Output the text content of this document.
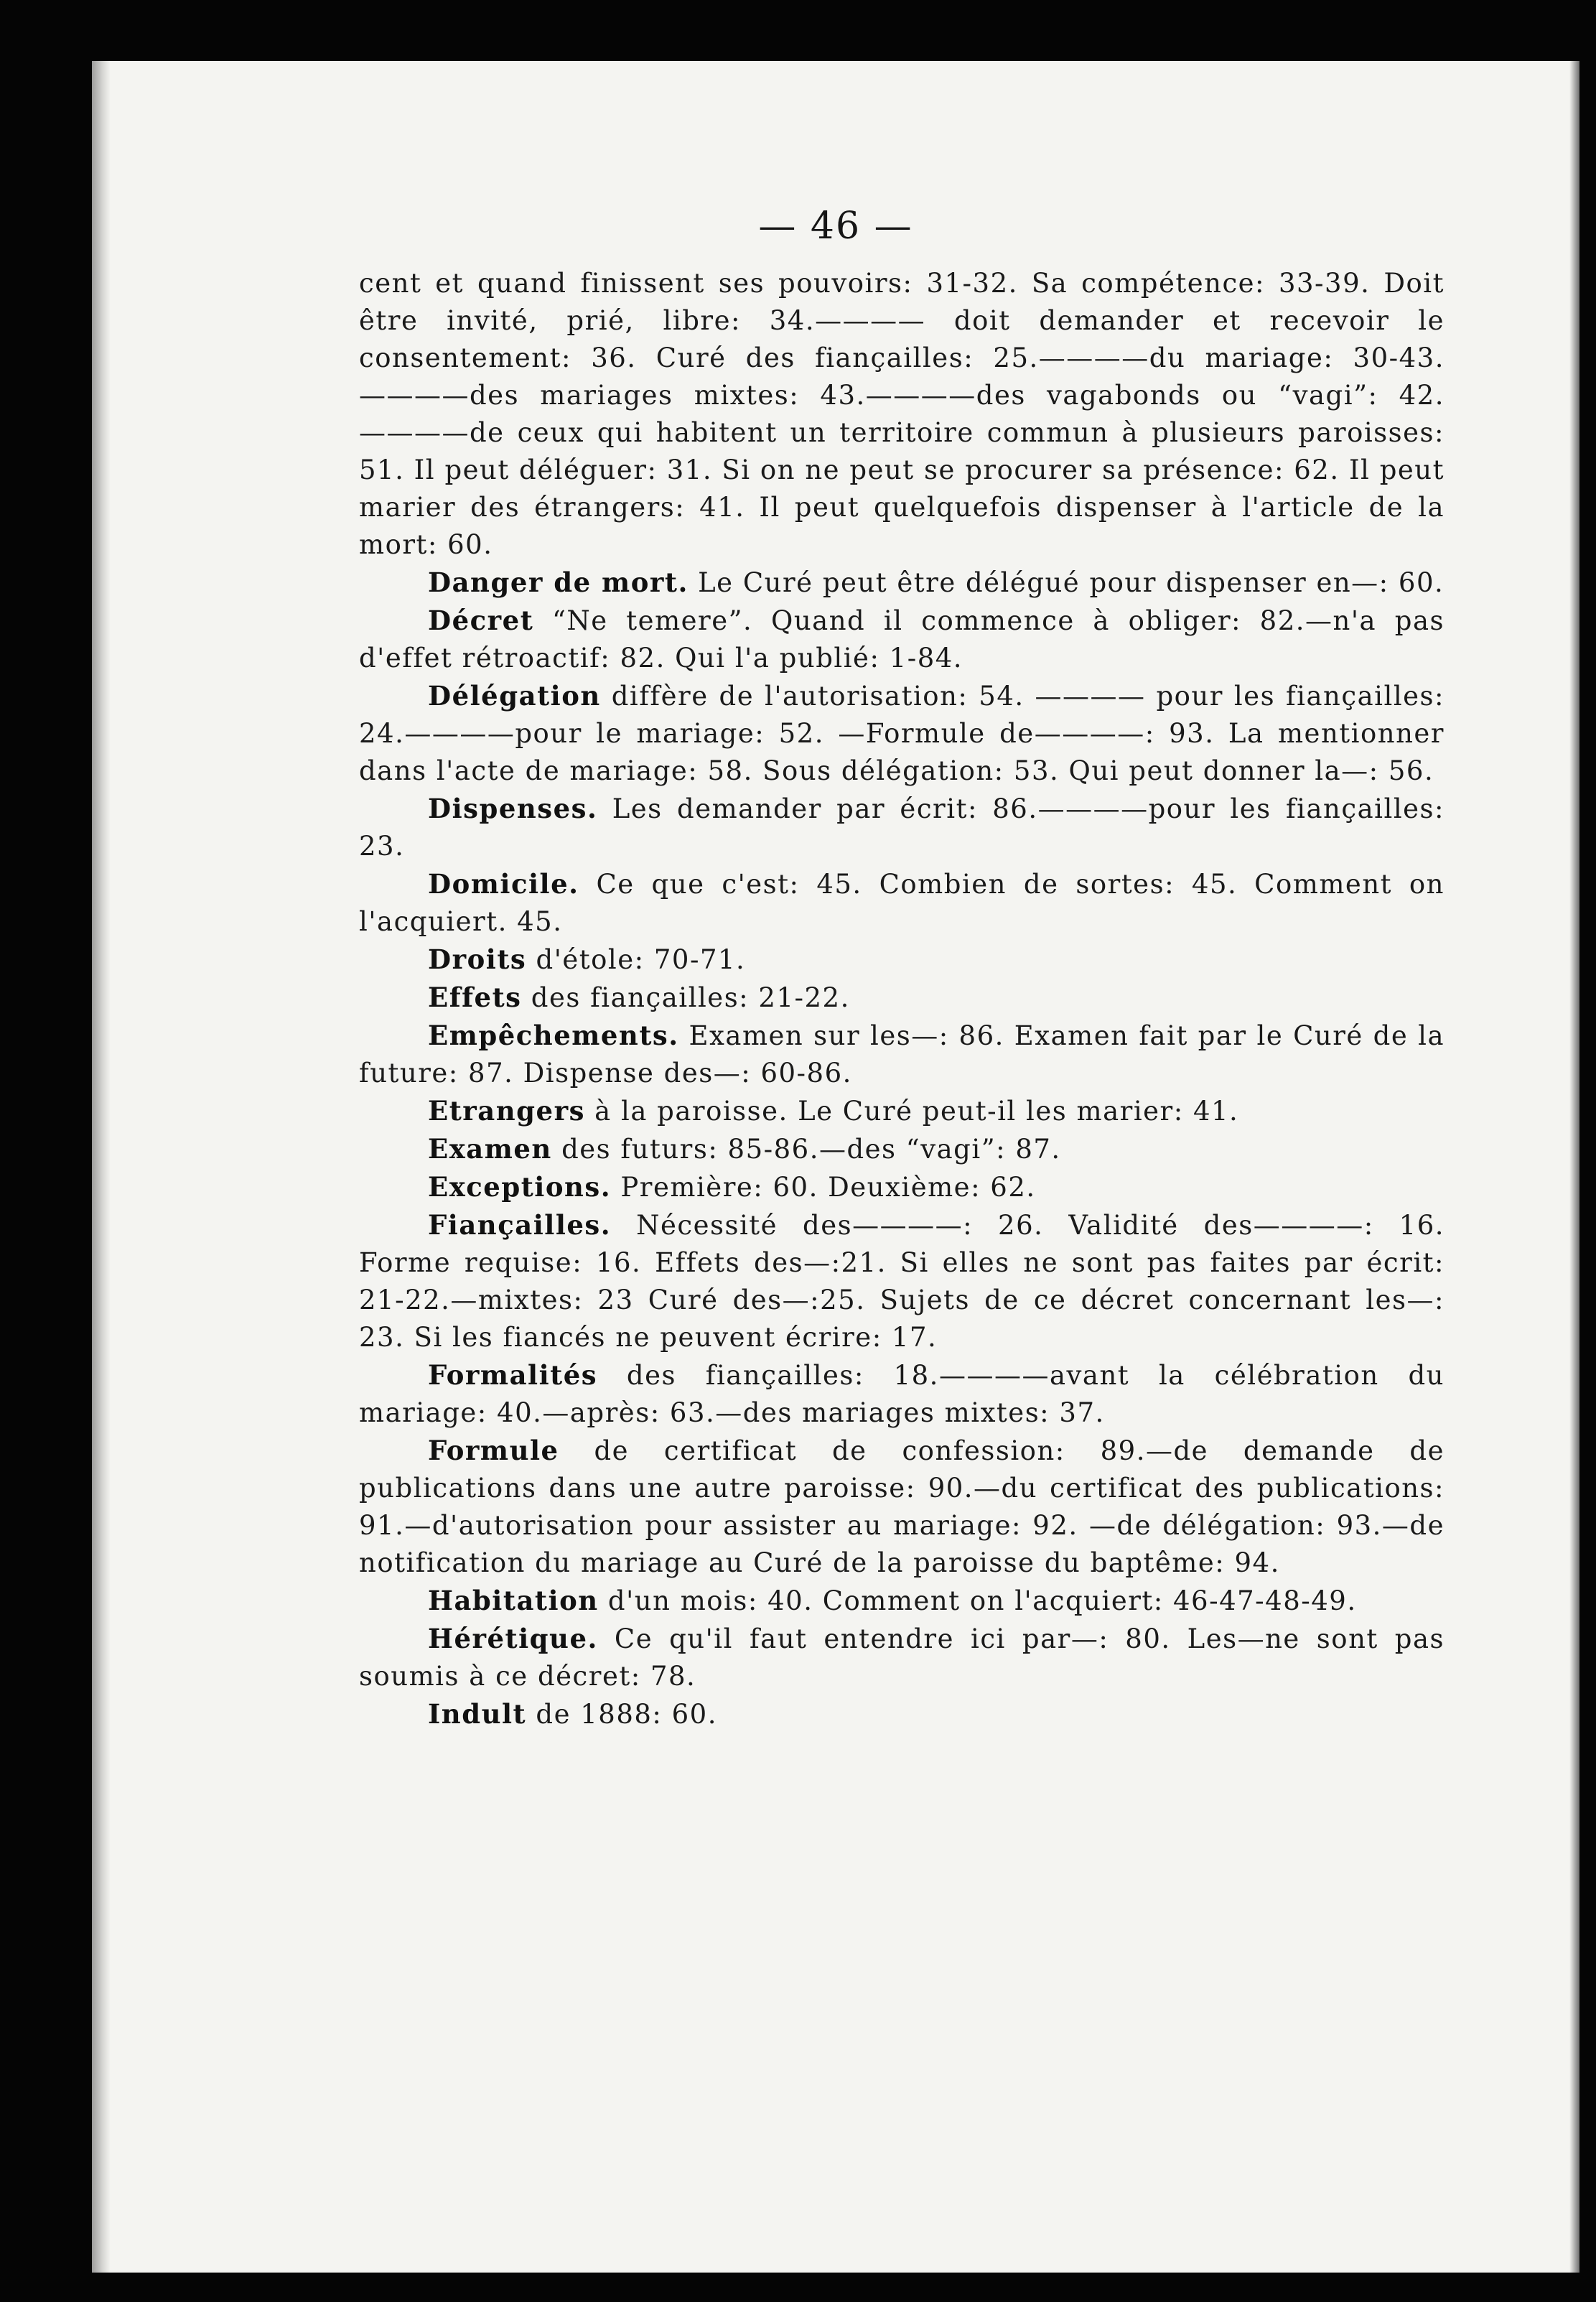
— 46 —

cent et quand finissent ses pouvoirs: 31-32. Sa compétence: 33-39. Doit être invité, prié, libre: 34.———— doit demander et recevoir le consentement: 36. Curé des fiançailles: 25.————du mariage: 30-43.————des mariages mixtes: 43.————des vagabonds ou “vagi”: 42.————de ceux qui habitent un territoire commun à plusieurs paroisses: 51. Il peut déléguer: 31. Si on ne peut se procurer sa présence: 62. Il peut marier des étrangers: 41. Il peut quelquefois dispenser à l'article de la mort: 60.

Danger de mort. Le Curé peut être délégué pour dispenser en—: 60.

Décret “Ne temere”. Quand il commence à obliger: 82.—n'a pas d'effet rétroactif: 82. Qui l'a publié: 1-84.

Délégation diffère de l'autorisation: 54. ———— pour les fiançailles: 24.————pour le mariage: 52. —Formule de————: 93. La mentionner dans l'acte de mariage: 58. Sous délégation: 53. Qui peut donner la—: 56.

Dispenses. Les demander par écrit: 86.————pour les fiançailles: 23.

Domicile. Ce que c'est: 45. Combien de sortes: 45. Comment on l'acquiert. 45.

Droits d'étole: 70-71.

Effets des fiançailles: 21-22.

Empêchements. Examen sur les—: 86. Examen fait par le Curé de la future: 87. Dispense des—: 60-86.

Etrangers à la paroisse. Le Curé peut-il les marier: 41.

Examen des futurs: 85-86.—des “vagi”: 87.

Exceptions. Première: 60. Deuxième: 62.

Fiançailles. Nécessité des————: 26. Validité des————: 16. Forme requise: 16. Effets des—:21. Si elles ne sont pas faites par écrit: 21-22.—mixtes: 23 Curé des—:25. Sujets de ce décret concernant les—: 23. Si les fiancés ne peuvent écrire: 17.

Formalités des fiançailles: 18.————avant la célébration du mariage: 40.—après: 63.—des mariages mixtes: 37.

Formule de certificat de confession: 89.—de demande de publications dans une autre paroisse: 90.—du certificat des publications: 91.—d'autorisation pour assister au mariage: 92. —de délégation: 93.—de notification du mariage au Curé de la paroisse du baptême: 94.

Habitation d'un mois: 40. Comment on l'acquiert: 46-47-48-49.

Hérétique. Ce qu'il faut entendre ici par—: 80. Les—ne sont pas soumis à ce décret: 78.

Indult de 1888: 60.
